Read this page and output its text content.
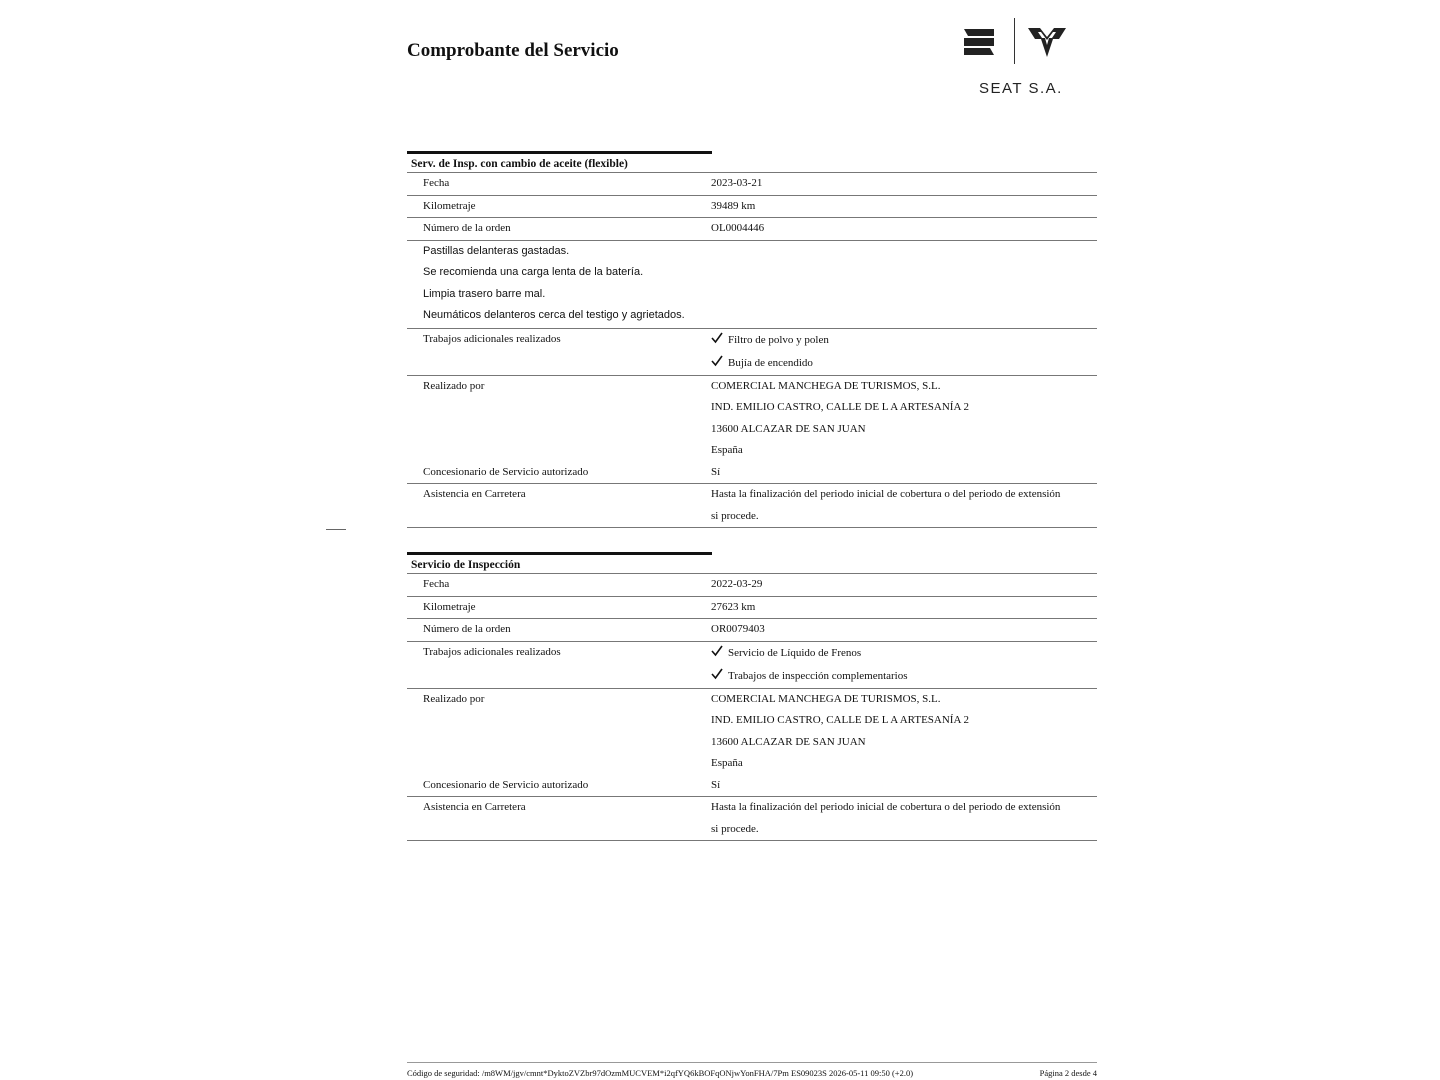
Comprobante del Servicio
SEAT S.A.
Serv. de Insp. con cambio de aceite (flexible)
Fecha	2023-03-21
Kilometraje	39489 km
Número de la orden	OL0004446
Pastillas delanteras gastadas.
Se recomienda una carga lenta de la batería.
Limpia trasero barre mal.
Neumáticos delanteros cerca del testigo y agrietados.
Trabajos adicionales realizados	Filtro de polvo y polen
Bujía de encendido
Realizado por	COMERCIAL MANCHEGA DE TURISMOS, S.L.
IND. EMILIO CASTRO, CALLE DE L A ARTESANÍA 2
13600 ALCAZAR DE SAN JUAN
España
Concesionario de Servicio autorizado	Sí
Asistencia en Carretera	Hasta la finalización del periodo inicial de cobertura o del periodo de extensión
si procede.
Servicio de Inspección
Fecha	2022-03-29
Kilometraje	27623 km
Número de la orden	OR0079403
Trabajos adicionales realizados	Servicio de Líquido de Frenos
Trabajos de inspección complementarios
Realizado por	COMERCIAL MANCHEGA DE TURISMOS, S.L.
IND. EMILIO CASTRO, CALLE DE L A ARTESANÍA 2
13600 ALCAZAR DE SAN JUAN
España
Concesionario de Servicio autorizado	Sí
Asistencia en Carretera	Hasta la finalización del periodo inicial de cobertura o del periodo de extensión
si procede.
Código de seguridad: /m8WM/jgv/cmnt*DyktoZVZbr97dOzmMUCVEM*i2qfYQ6kBOFqONjwYonFHA/7Pm ES09023S 2026-05-11 09:50 (+2.0)	Página 2 desde 4
